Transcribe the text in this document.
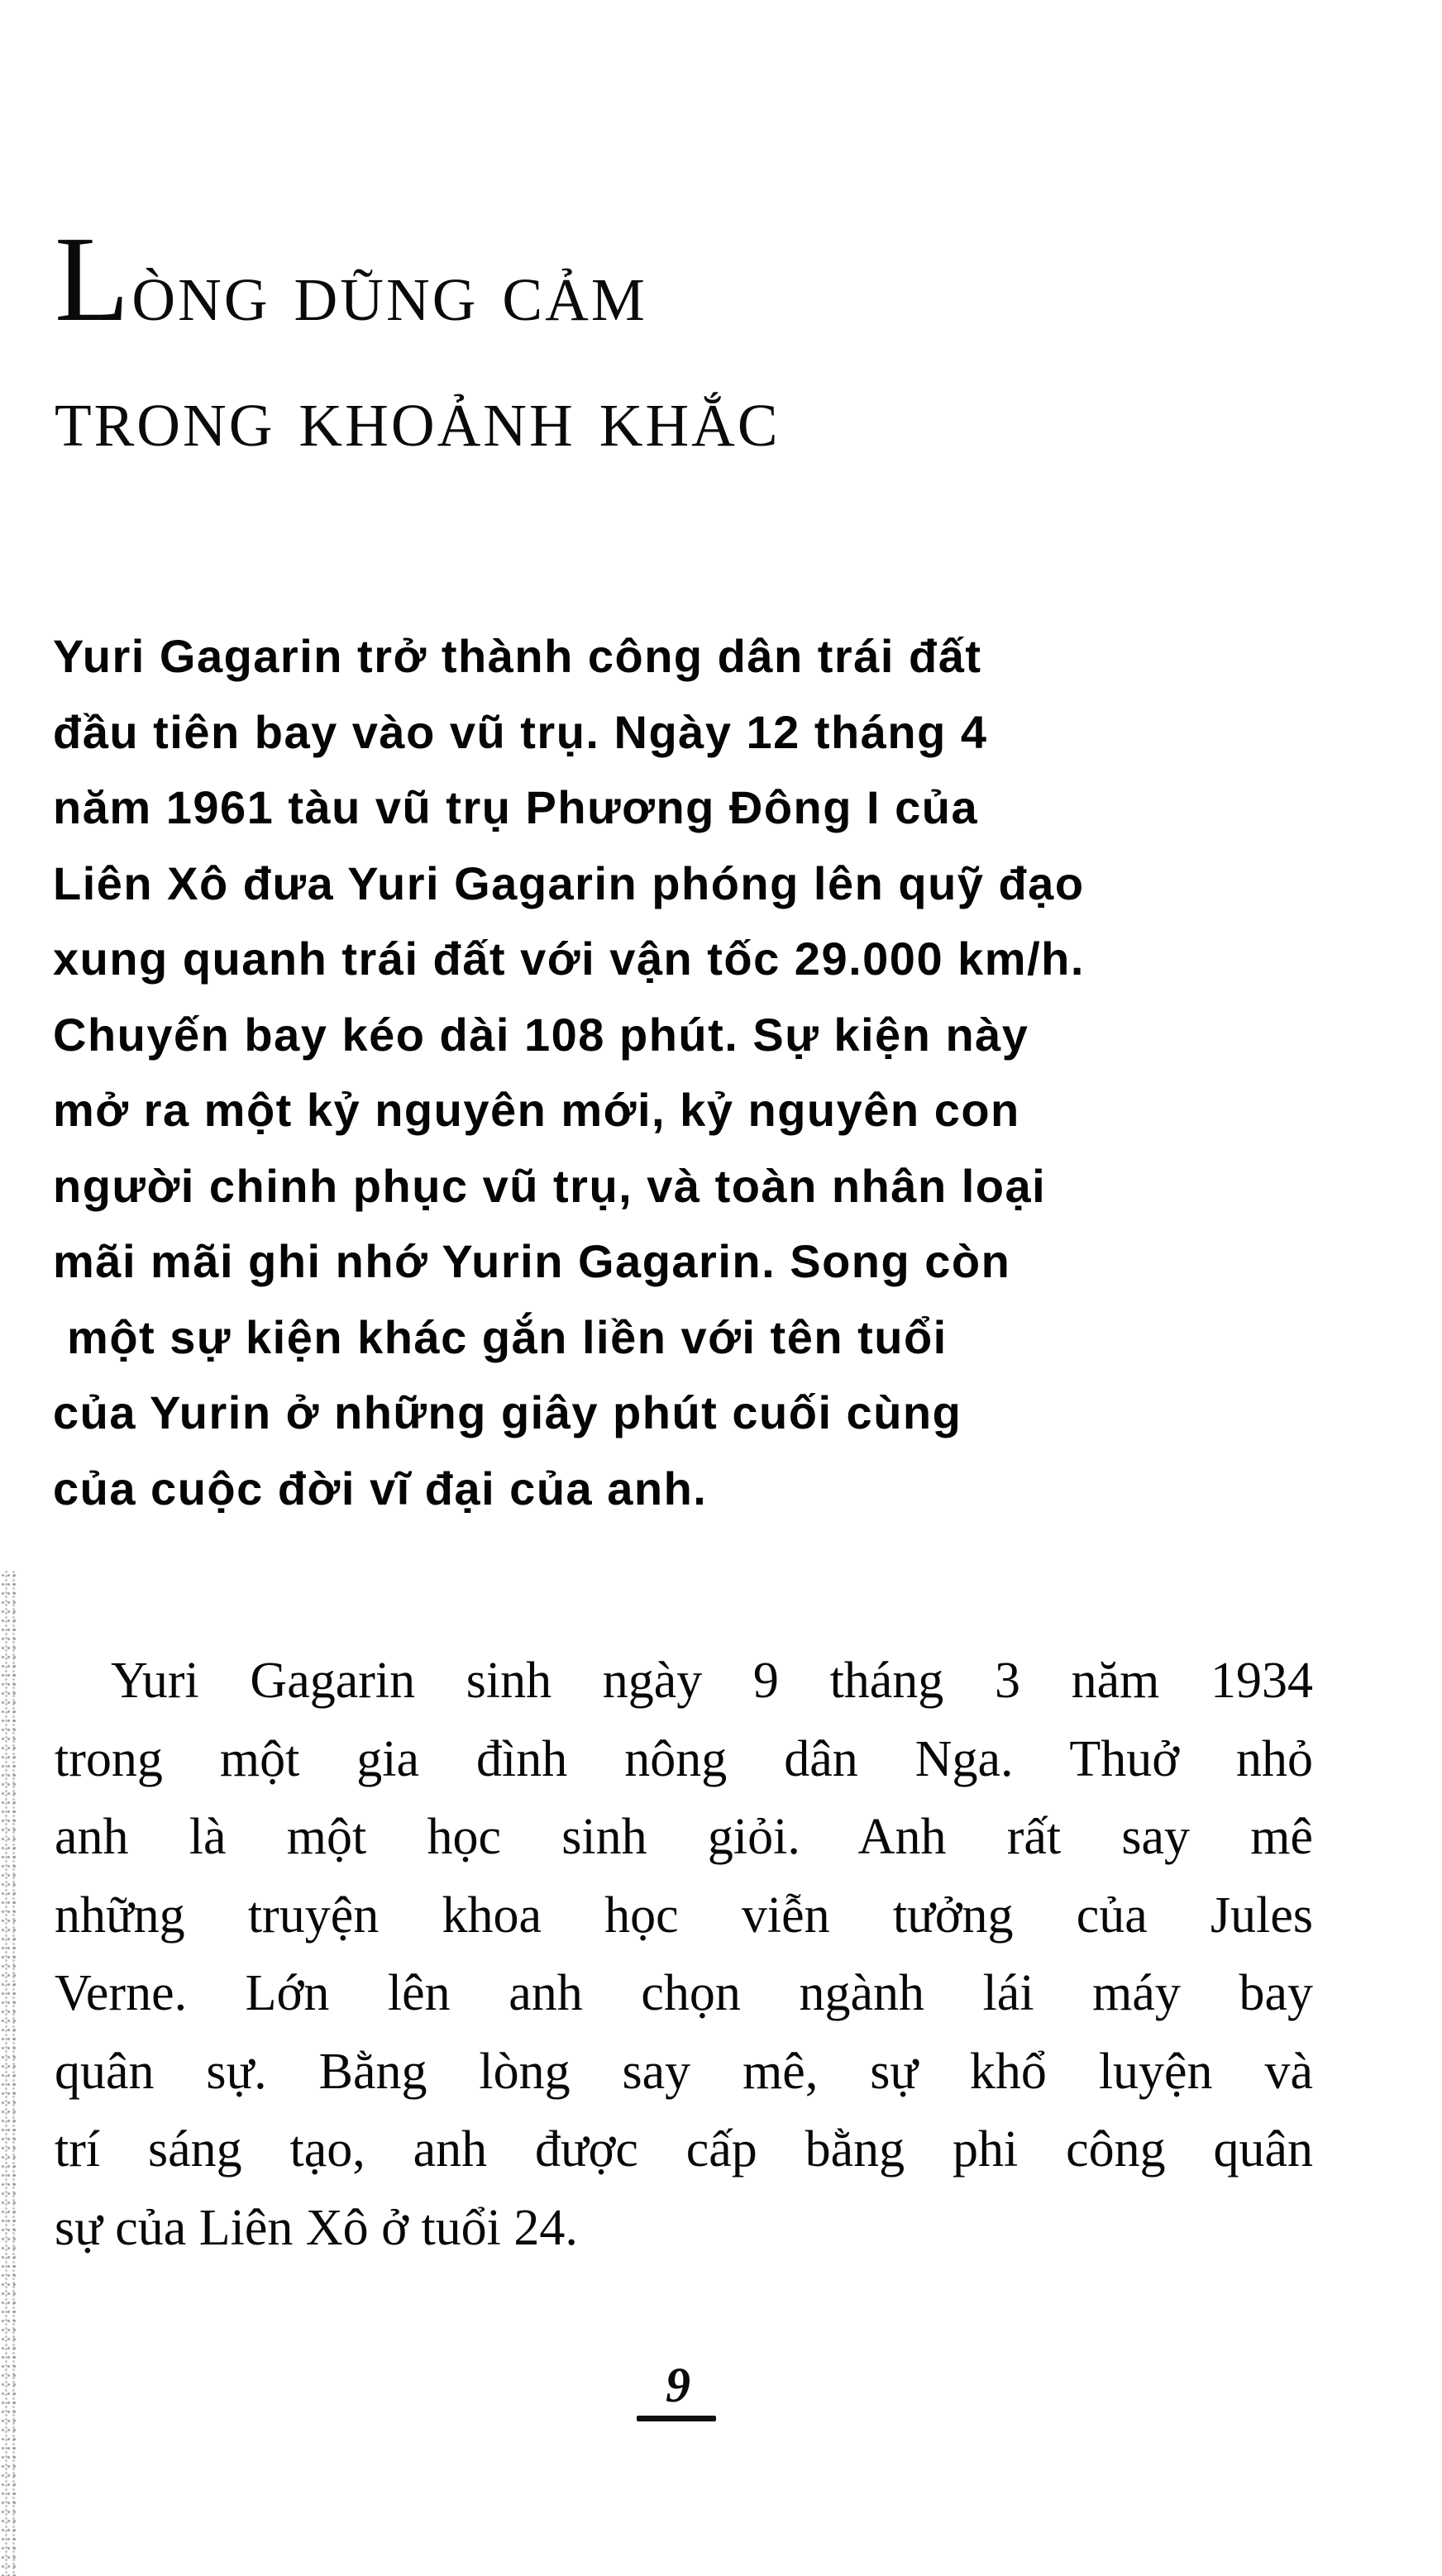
Lòng dũng cảm
trong khoảnh khắc
Yuri Gagarin trở thành công dân trái đất
đầu tiên bay vào vũ trụ. Ngày 12 tháng 4
năm 1961 tàu vũ trụ Phương Đông I của
Liên Xô đưa Yuri Gagarin phóng lên quỹ đạo
xung quanh trái đất với vận tốc 29.000 km/h.
Chuyến bay kéo dài 108 phút. Sự kiện này
mở ra một kỷ nguyên mới, kỷ nguyên con
người chinh phục vũ trụ, và toàn nhân loại
mãi mãi ghi nhớ Yurin Gagarin. Song còn
một sự kiện khác gắn liền với tên tuổi
của Yurin ở những giây phút cuối cùng
của cuộc đời vĩ đại của anh.
Yuri Gagarin sinh ngày 9 tháng 3 năm 1934
trong một gia đình nông dân Nga. Thuở nhỏ
anh là một học sinh giỏi. Anh rất say mê
những truyện khoa học viễn tưởng của Jules
Verne. Lớn lên anh chọn ngành lái máy bay
quân sự. Bằng lòng say mê, sự khổ luyện và
trí sáng tạo, anh được cấp bằng phi công quân
sự của Liên Xô ở tuổi 24.
9
